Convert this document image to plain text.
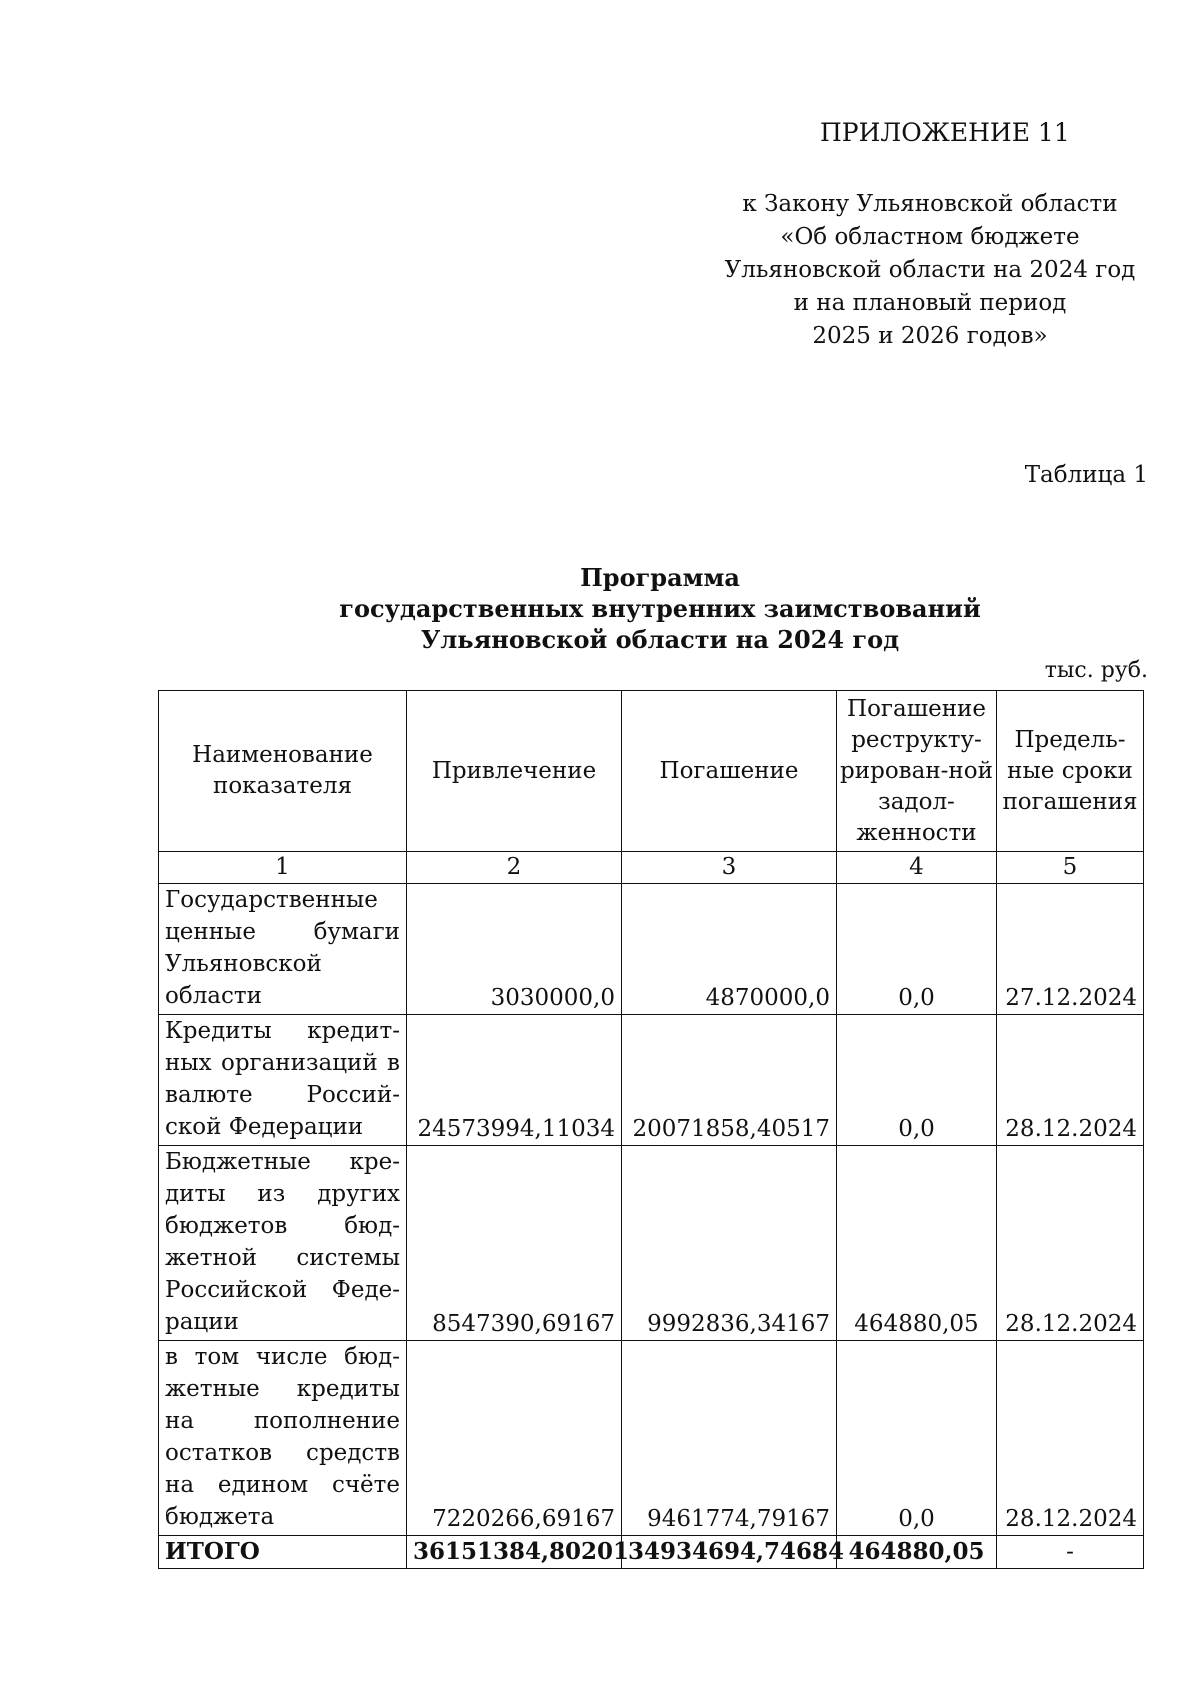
ПРИЛОЖЕНИЕ 11
к Закону Ульяновской области
«Об областном бюджете
Ульяновской области на 2024 год
и на плановый период
2025 и 2026 годов»
Таблица 1
Программа
государственных внутренних заимствований
Ульяновской области на 2024 год
тыс. руб.
Наименование показателя	Привлечение	Погашение	Погашение реструкту-рирован-ной задол-женности	Предель-ные сроки погашения
1	2	3	4	5
Государственные ценные бумаги Ульяновской области	3030000,0	4870000,0	0,0	27.12.2024
Кредиты кредит-ных организаций в валюте Россий-ской Федерации	24573994,11034	20071858,40517	0,0	28.12.2024
Бюджетные кре-диты из других бюджетов бюд-жетной системы Российской Феде-рации	8547390,69167	9992836,34167	464880,05	28.12.2024
в том числе бюд-жетные кредиты на пополнение остатков средств на едином счёте бюджета	7220266,69167	9461774,79167	0,0	28.12.2024
ИТОГО	36151384,80201	34934694,74684	464880,05	-
